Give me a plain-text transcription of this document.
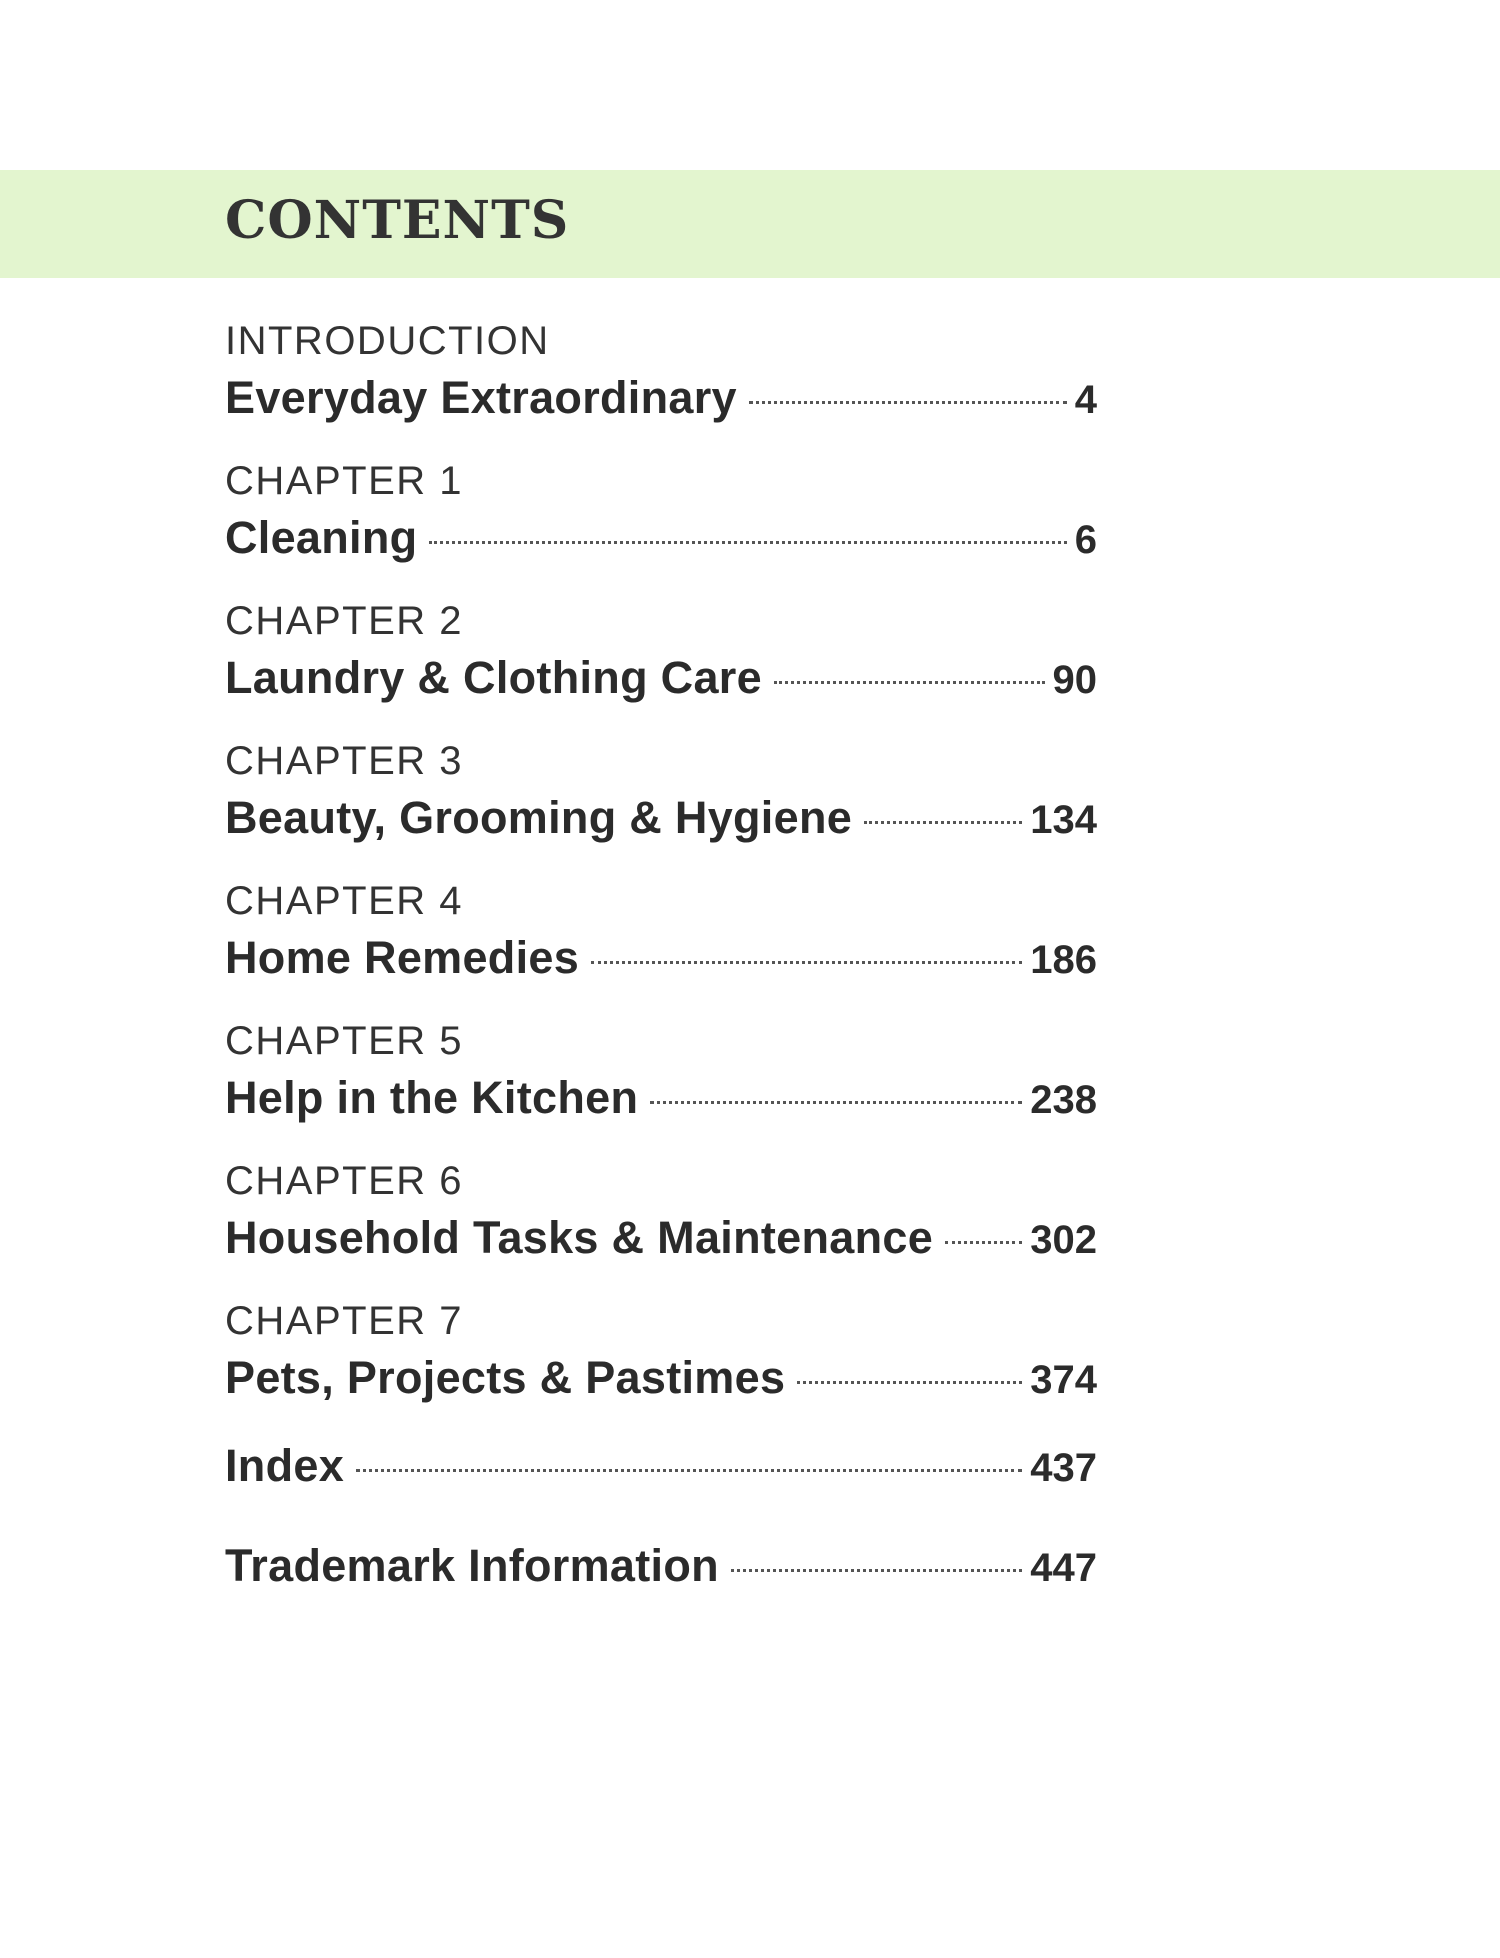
CONTENTS
INTRODUCTION
Everyday Extraordinary	4
CHAPTER 1
Cleaning	6
CHAPTER 2
Laundry & Clothing Care	90
CHAPTER 3
Beauty, Grooming & Hygiene	134
CHAPTER 4
Home Remedies	186
CHAPTER 5
Help in the Kitchen	238
CHAPTER 6
Household Tasks & Maintenance 302
CHAPTER 7
Pets, Projects & Pastimes	374
Index	437
Trademark Information	447
